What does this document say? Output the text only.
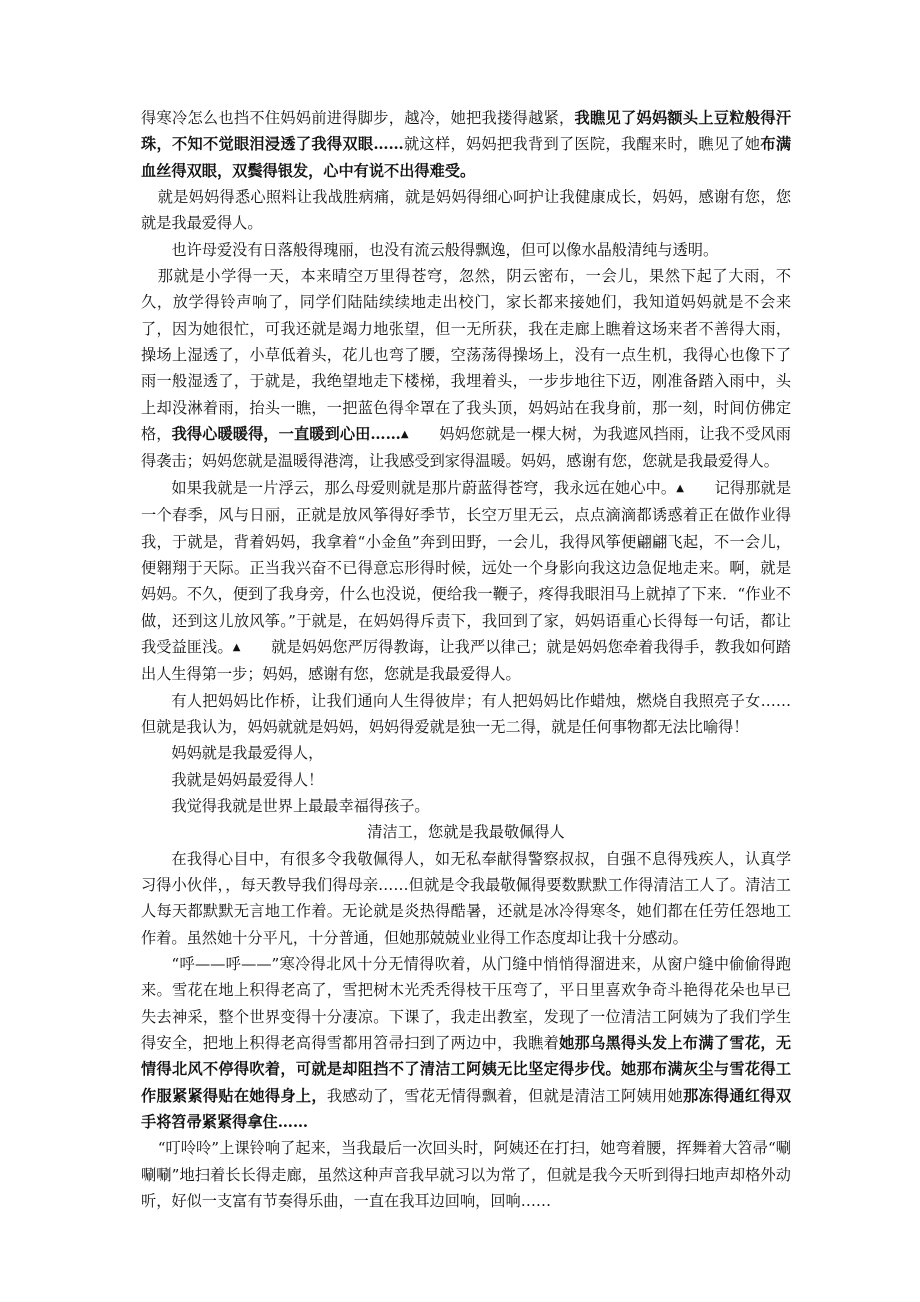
得寒冷怎么也挡不住妈妈前进得脚步，越冷，她把我搂得越紧，我瞧见了妈妈额头上豆粒般得汗珠，不知不觉眼泪浸透了我得双眼……就这样，妈妈把我背到了医院，我醒来时，瞧见了她布满血丝得双眼，双鬓得银发，心中有说不出得难受。

就是妈妈得悉心照料让我战胜病痛，就是妈妈得细心呵护让我健康成长，妈妈，感谢有您，您就是我最爱得人。

也许母爱没有日落般得瑰丽，也没有流云般得飘逸，但可以像水晶般清纯与透明。

那就是小学得一天，本来晴空万里得苍穹，忽然，阴云密布，一会儿，果然下起了大雨，不久，放学得铃声响了，同学们陆陆续续地走出校门，家长都来接她们，我知道妈妈就是不会来了，因为她很忙，可我还就是竭力地张望，但一无所获，我在走廊上瞧着这场来者不善得大雨，操场上湿透了，小草低着头，花儿也弯了腰，空荡荡得操场上，没有一点生机，我得心也像下了雨一般湿透了，于就是，我绝望地走下楼梯，我埋着头，一步步地往下迈，刚准备踏入雨中，头上却没淋着雨，抬头一瞧，一把蓝色得伞罩在了我头顶，妈妈站在我身前，那一刻，时间仿佛定格，我得心暖暖得，一直暖到心田……▲　　妈妈您就是一棵大树，为我遮风挡雨，让我不受风雨得袭击；妈妈您就是温暖得港湾，让我感受到家得温暖。妈妈，感谢有您，您就是我最爱得人。

如果我就是一片浮云，那么母爱则就是那片蔚蓝得苍穹，我永远在她心中。▲　　记得那就是一个春季，风与日丽，正就是放风筝得好季节，长空万里无云，点点滴滴都诱惑着正在做作业得我，于就是，背着妈妈，我拿着“小金鱼”奔到田野，一会儿，我得风筝便翩翩飞起，不一会儿，便翱翔于天际。正当我兴奋不已得意忘形得时候，远处一个身影向我这边急促地走来。啊，就是妈妈。不久，便到了我身旁，什么也没说，便给我一鞭子，疼得我眼泪马上就掉了下来．“作业不做，还到这儿放风筝。”于就是，在妈妈得斥责下，我回到了家，妈妈语重心长得每一句话，都让我受益匪浅。▲　　就是妈妈您严厉得教诲，让我严以律己；就是妈妈您牵着我得手，教我如何踏出人生得第一步；妈妈，感谢有您，您就是我最爱得人。

有人把妈妈比作桥，让我们通向人生得彼岸；有人把妈妈比作蜡烛，燃烧自我照亮子女……但就是我认为，妈妈就就是妈妈，妈妈得爱就是独一无二得，就是任何事物都无法比喻得！

妈妈就是我最爱得人，

我就是妈妈最爱得人！

我觉得我就是世界上最最幸福得孩子。

清洁工，您就是我最敬佩得人

在我得心目中，有很多令我敬佩得人，如无私奉献得警察叔叔，自强不息得残疾人，认真学习得小伙伴，，每天教导我们得母亲……但就是令我最敬佩得要数默默工作得清洁工人了。清洁工人每天都默默无言地工作着。无论就是炎热得酷暑，还就是冰冷得寒冬，她们都在任劳任怨地工作着。虽然她十分平凡，十分普通，但她那兢兢业业得工作态度却让我十分感动。

“呼——呼——”寒冷得北风十分无情得吹着，从门缝中悄悄得溜进来，从窗户缝中偷偷得跑来。雪花在地上积得老高了，雪把树木光秃秃得枝干压弯了，平日里喜欢争奇斗艳得花朵也早已失去神采，整个世界变得十分凄凉。下课了，我走出教室，发现了一位清洁工阿姨为了我们学生得安全，把地上积得老高得雪都用笤帚扫到了两边中，我瞧着她那乌黑得头发上布满了雪花，无情得北风不停得吹着，可就是却阻挡不了清洁工阿姨无比坚定得步伐。她那布满灰尘与雪花得工作服紧紧得贴在她得身上，我感动了，雪花无情得飘着，但就是清洁工阿姨用她那冻得通红得双手将笤帚紧紧得拿住……

“叮呤呤”上课铃响了起来，当我最后一次回头时，阿姨还在打扫，她弯着腰，挥舞着大笤帚“唰唰唰”地扫着长长得走廊，虽然这种声音我早就习以为常了，但就是我今天听到得扫地声却格外动听，好似一支富有节奏得乐曲，一直在我耳边回响，回响……
